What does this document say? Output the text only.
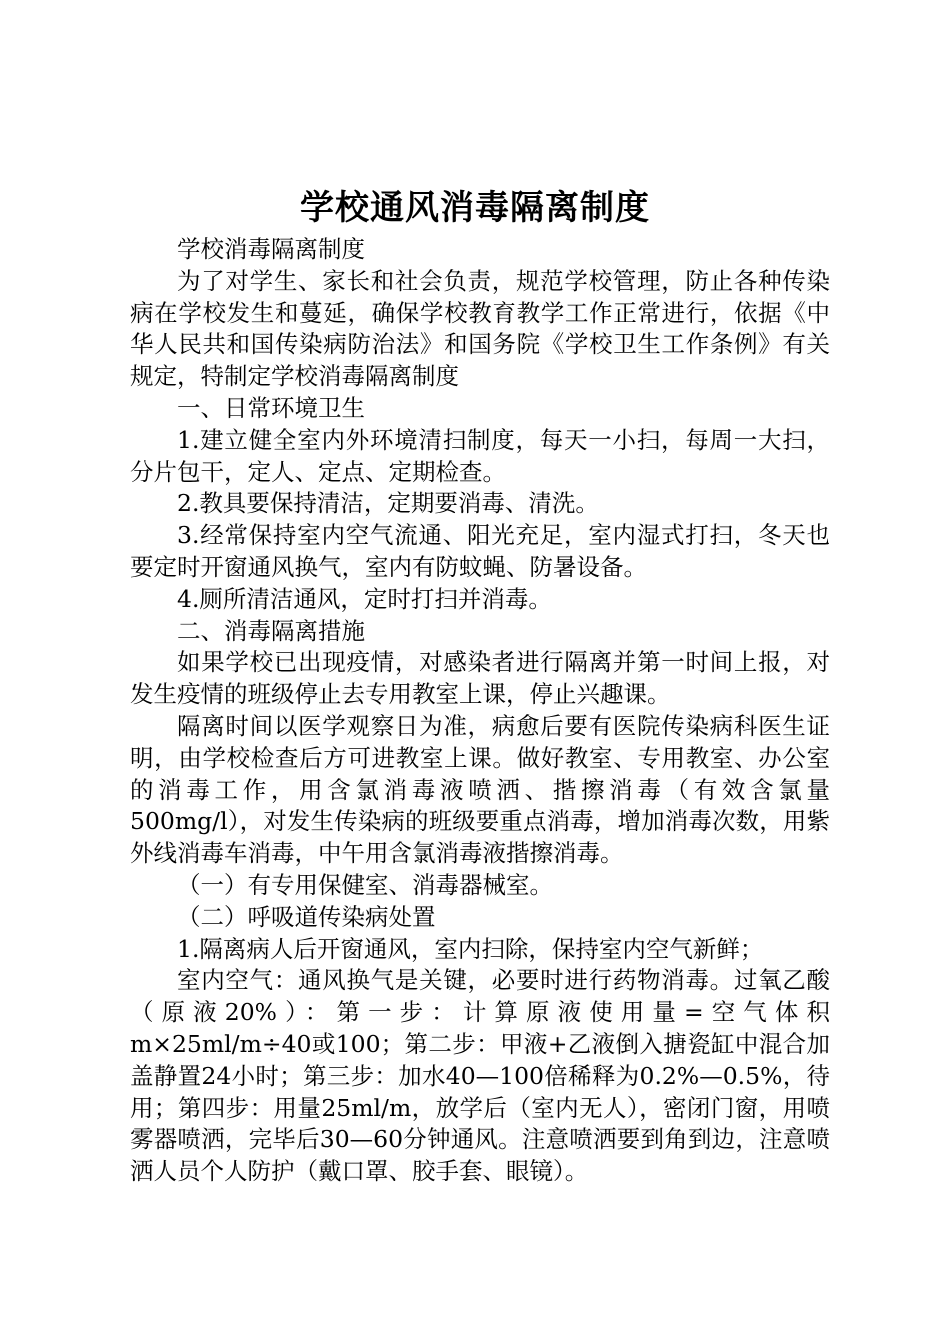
学校通风消毒隔离制度

学校消毒隔离制度

为了对学生、家长和社会负责，规范学校管理，防止各种传染病在学校发生和蔓延，确保学校教育教学工作正常进行，依据《中华人民共和国传染病防治法》和国务院《学校卫生工作条例》有关规定，特制定学校消毒隔离制度

一、日常环境卫生

1.建立健全室内外环境清扫制度，每天一小扫，每周一大扫，分片包干，定人、定点、定期检查。

2.教具要保持清洁，定期要消毒、清洗。

3.经常保持室内空气流通、阳光充足，室内湿式打扫，冬天也要定时开窗通风换气，室内有防蚊蝇、防暑设备。

4.厕所清洁通风，定时打扫并消毒。

二、消毒隔离措施

如果学校已出现疫情，对感染者进行隔离并第一时间上报，对发生疫情的班级停止去专用教室上课，停止兴趣课。

隔离时间以医学观察日为准，病愈后要有医院传染病科医生证明，由学校检查后方可进教室上课。做好教室、专用教室、办公室的消毒工作，用含氯消毒液喷洒、揩擦消毒（有效含氯量500mg/l），对发生传染病的班级要重点消毒，增加消毒次数，用紫外线消毒车消毒，中午用含氯消毒液揩擦消毒。

（一）有专用保健室、消毒器械室。

（二）呼吸道传染病处置

1.隔离病人后开窗通风，室内扫除，保持室内空气新鲜；

室内空气：通风换气是关键，必要时进行药物消毒。过氧乙酸（原液20%）：第一步：计算原液使用量=空气体积m×25ml/m÷40或100；第二步：甲液+乙液倒入搪瓷缸中混合加盖静置24小时；第三步：加水40—100倍稀释为0.2%—0.5%，待用；第四步：用量25ml/m，放学后（室内无人），密闭门窗，用喷雾器喷洒，完毕后30—60分钟通风。注意喷洒要到角到边，注意喷洒人员个人防护（戴口罩、胶手套、眼镜）。
